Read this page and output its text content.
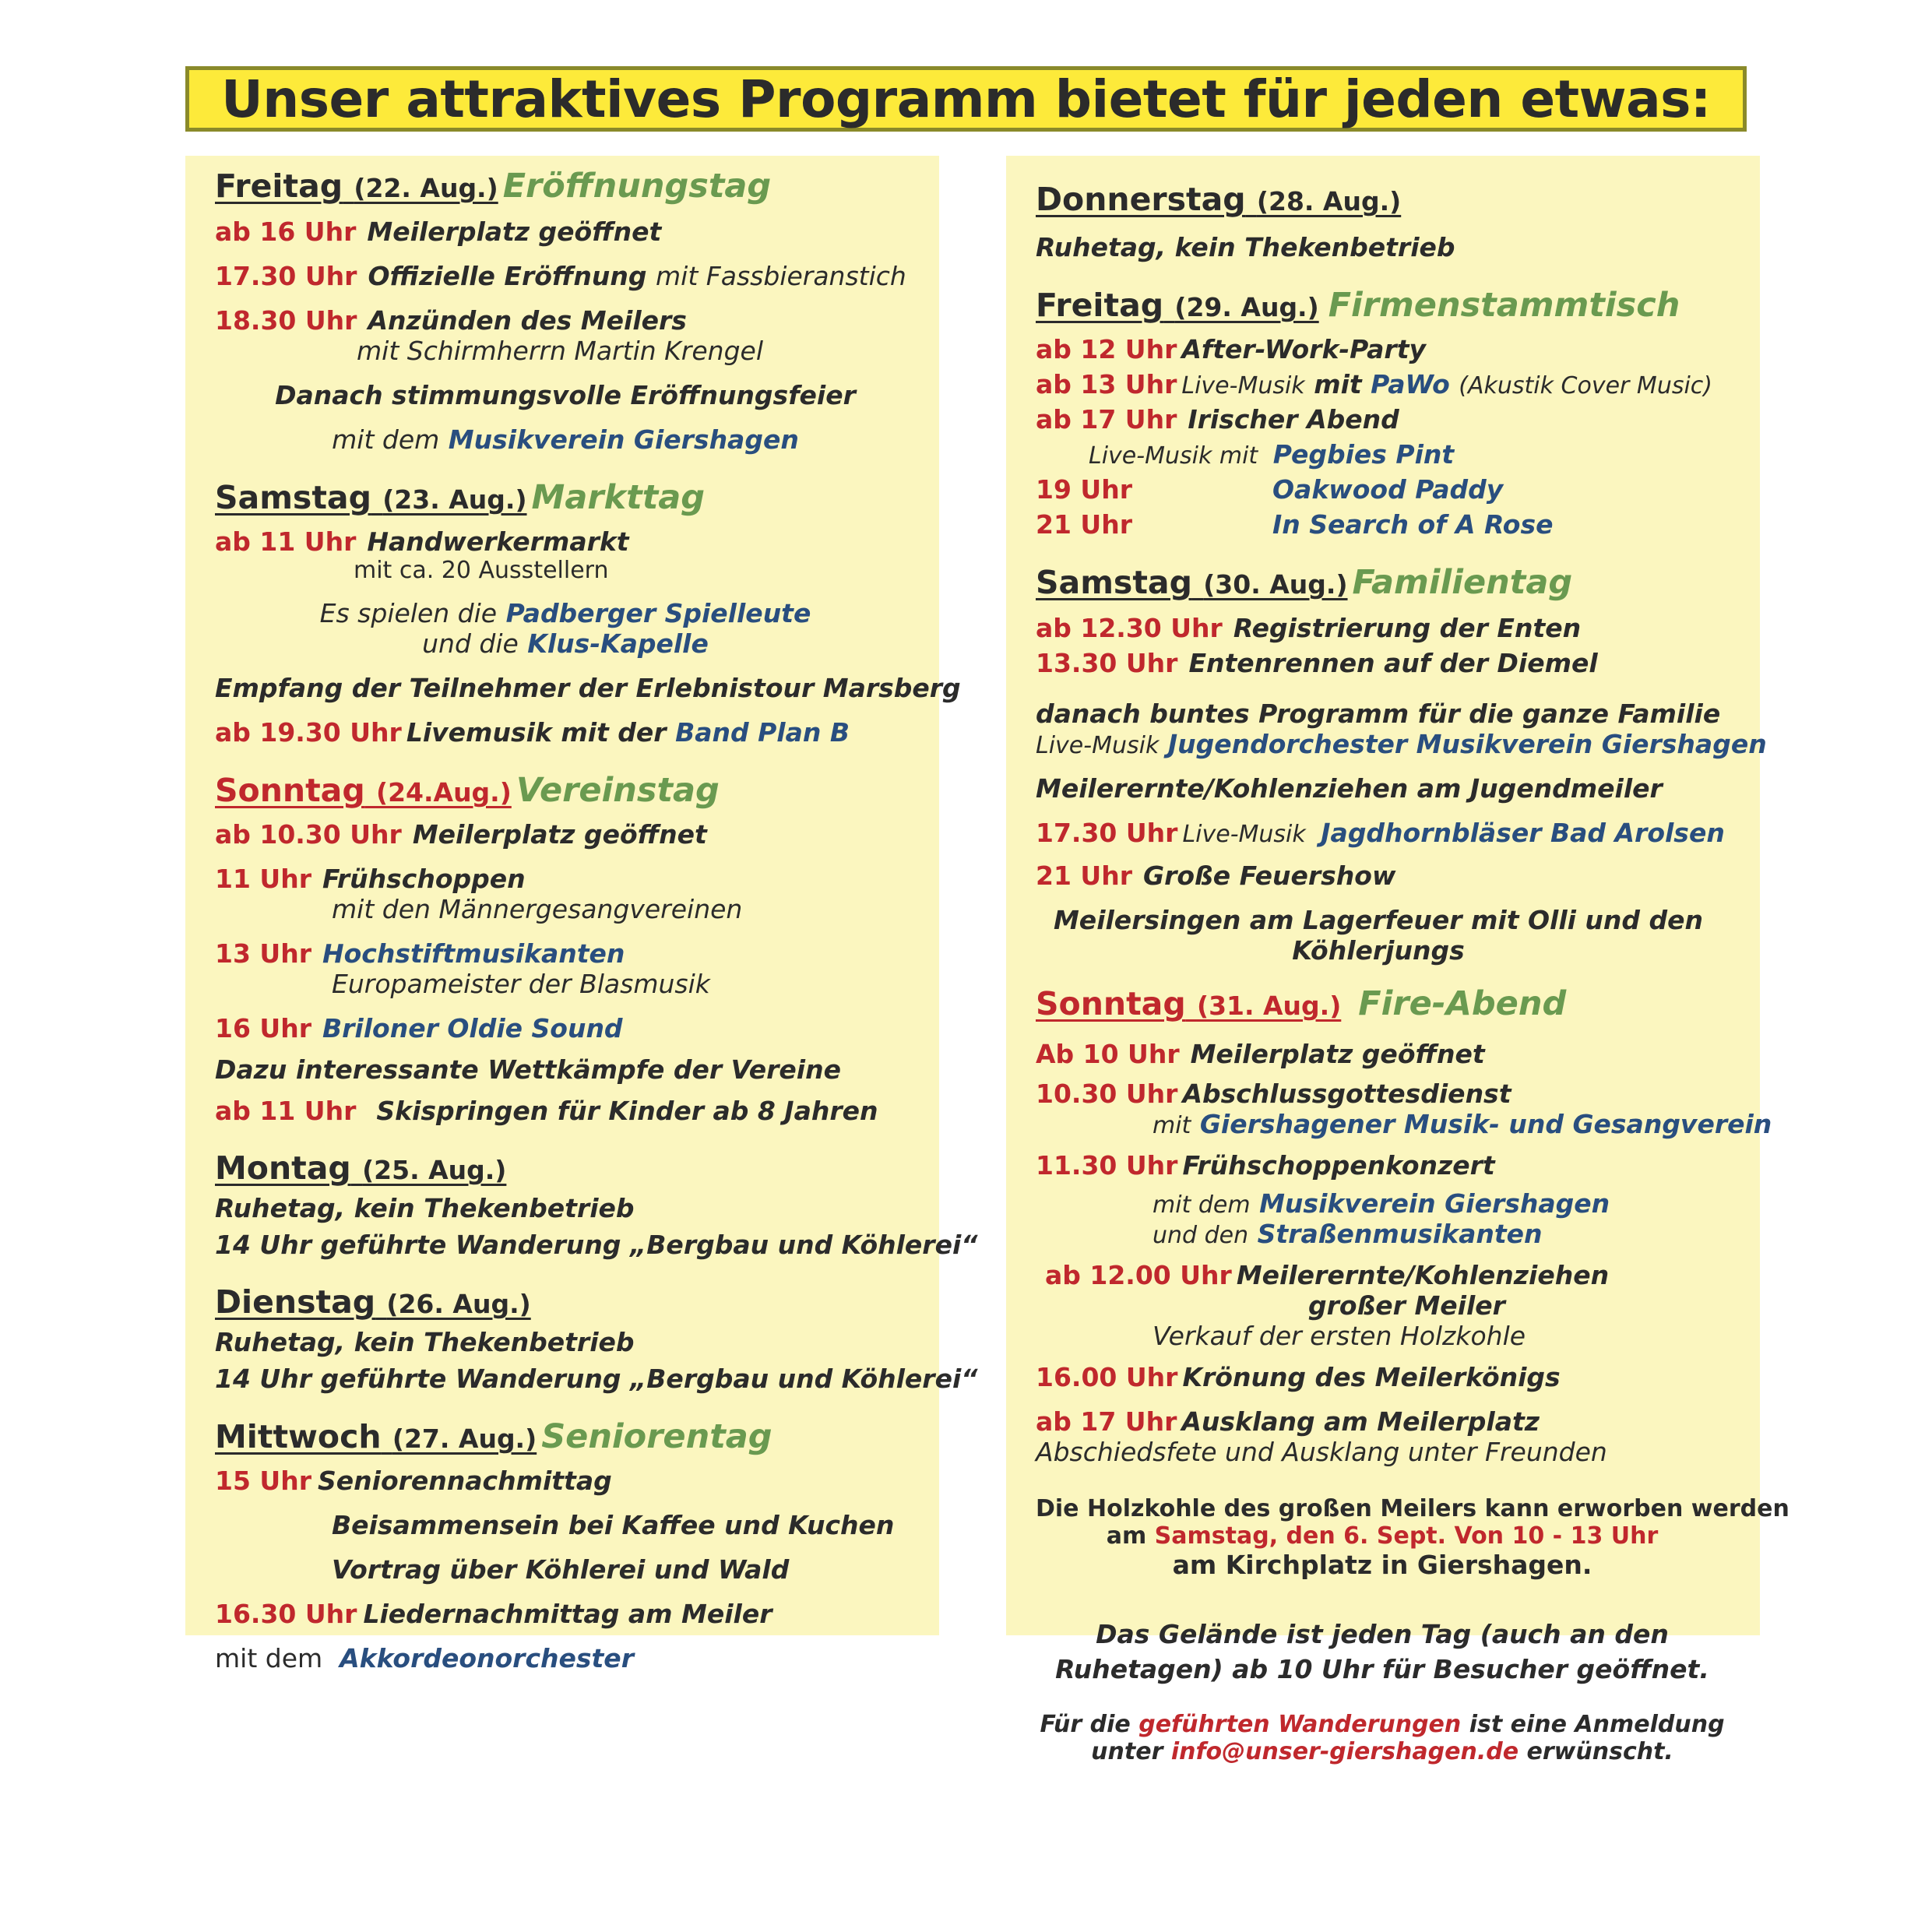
Unser attraktives Programm bietet für jeden etwas:
Freitag (22. Aug.) Eröffnungstag
ab 16 Uhr Meilerplatz geöffnet
17.30 Uhr Offizielle Eröffnung mit Fassbieranstich
18.30 Uhr Anzünden des Meilers
mit Schirmherrn Martin Krengel
Danach stimmungsvolle Eröffnungsfeier
mit dem Musikverein Giershagen
Samstag (23. Aug.) Markttag
ab 11 Uhr Handwerkermarkt
mit ca. 20 Ausstellern
Es spielen die Padberger Spielleute
und die Klus-Kapelle
Empfang der Teilnehmer der Erlebnistour Marsberg
ab 19.30 Uhr Livemusik mit der Band Plan B
Sonntag (24.Aug.) Vereinstag
ab 10.30 Uhr Meilerplatz geöffnet
11 Uhr Frühschoppen
mit den Männergesangvereinen
13 Uhr Hochstiftmusikanten
Europameister der Blasmusik
16 Uhr Briloner Oldie Sound
Dazu interessante Wettkämpfe der Vereine
ab 11 Uhr Skispringen für Kinder ab 8 Jahren
Montag (25. Aug.)
Ruhetag, kein Thekenbetrieb
14 Uhr geführte Wanderung „Bergbau und Köhlerei“
Dienstag (26. Aug.)
Ruhetag, kein Thekenbetrieb
14 Uhr geführte Wanderung „Bergbau und Köhlerei“
Mittwoch (27. Aug.) Seniorentag
15 Uhr Seniorennachmittag
Beisammensein bei Kaffee und Kuchen
Vortrag über Köhlerei und Wald
16.30 Uhr Liedernachmittag am Meiler
mit dem Akkordeonorchester
Donnerstag (28. Aug.)
Ruhetag, kein Thekenbetrieb
Freitag (29. Aug.) Firmenstammtisch
ab 12 Uhr After-Work-Party
ab 13 Uhr Live-Musik mit PaWo (Akustik Cover Music)
ab 17 Uhr Irischer Abend
Live-Musik mit Pegbies Pint
19 Uhr	Oakwood Paddy
21 Uhr	In Search of A Rose
Samstag (30. Aug.) Familientag
ab 12.30 Uhr Registrierung der Enten
13.30 Uhr Entenrennen auf der Diemel
danach buntes Programm für die ganze Familie
Live-Musik Jugendorchester Musikverein Giershagen
Meilerernte/Kohlenziehen am Jugendmeiler
17.30 Uhr Live-Musik Jagdhornbläser Bad Arolsen
21 Uhr Große Feuershow
Meilersingen am Lagerfeuer mit Olli und den
Köhlerjungs
Sonntag (31. Aug.) Fire-Abend
Ab 10 Uhr Meilerplatz geöffnet
10.30 Uhr Abschlussgottesdienst
mit Giershagener Musik- und Gesangverein
11.30 Uhr Frühschoppenkonzert
mit dem Musikverein Giershagen
und den Straßenmusikanten
ab 12.00 Uhr Meilerernte/Kohlenziehen
großer Meiler
Verkauf der ersten Holzkohle
16.00 Uhr Krönung des Meilerkönigs
ab 17 Uhr Ausklang am Meilerplatz
Abschiedsfete und Ausklang unter Freunden
Die Holzkohle des großen Meilers kann erworben werden
am Samstag, den 6. Sept. Von 10 - 13 Uhr
am Kirchplatz in Giershagen.
Das Gelände ist jeden Tag (auch an den
Ruhetagen) ab 10 Uhr für Besucher geöffnet.
Für die geführten Wanderungen ist eine Anmeldung
unter info@unser-giershagen.de erwünscht.
